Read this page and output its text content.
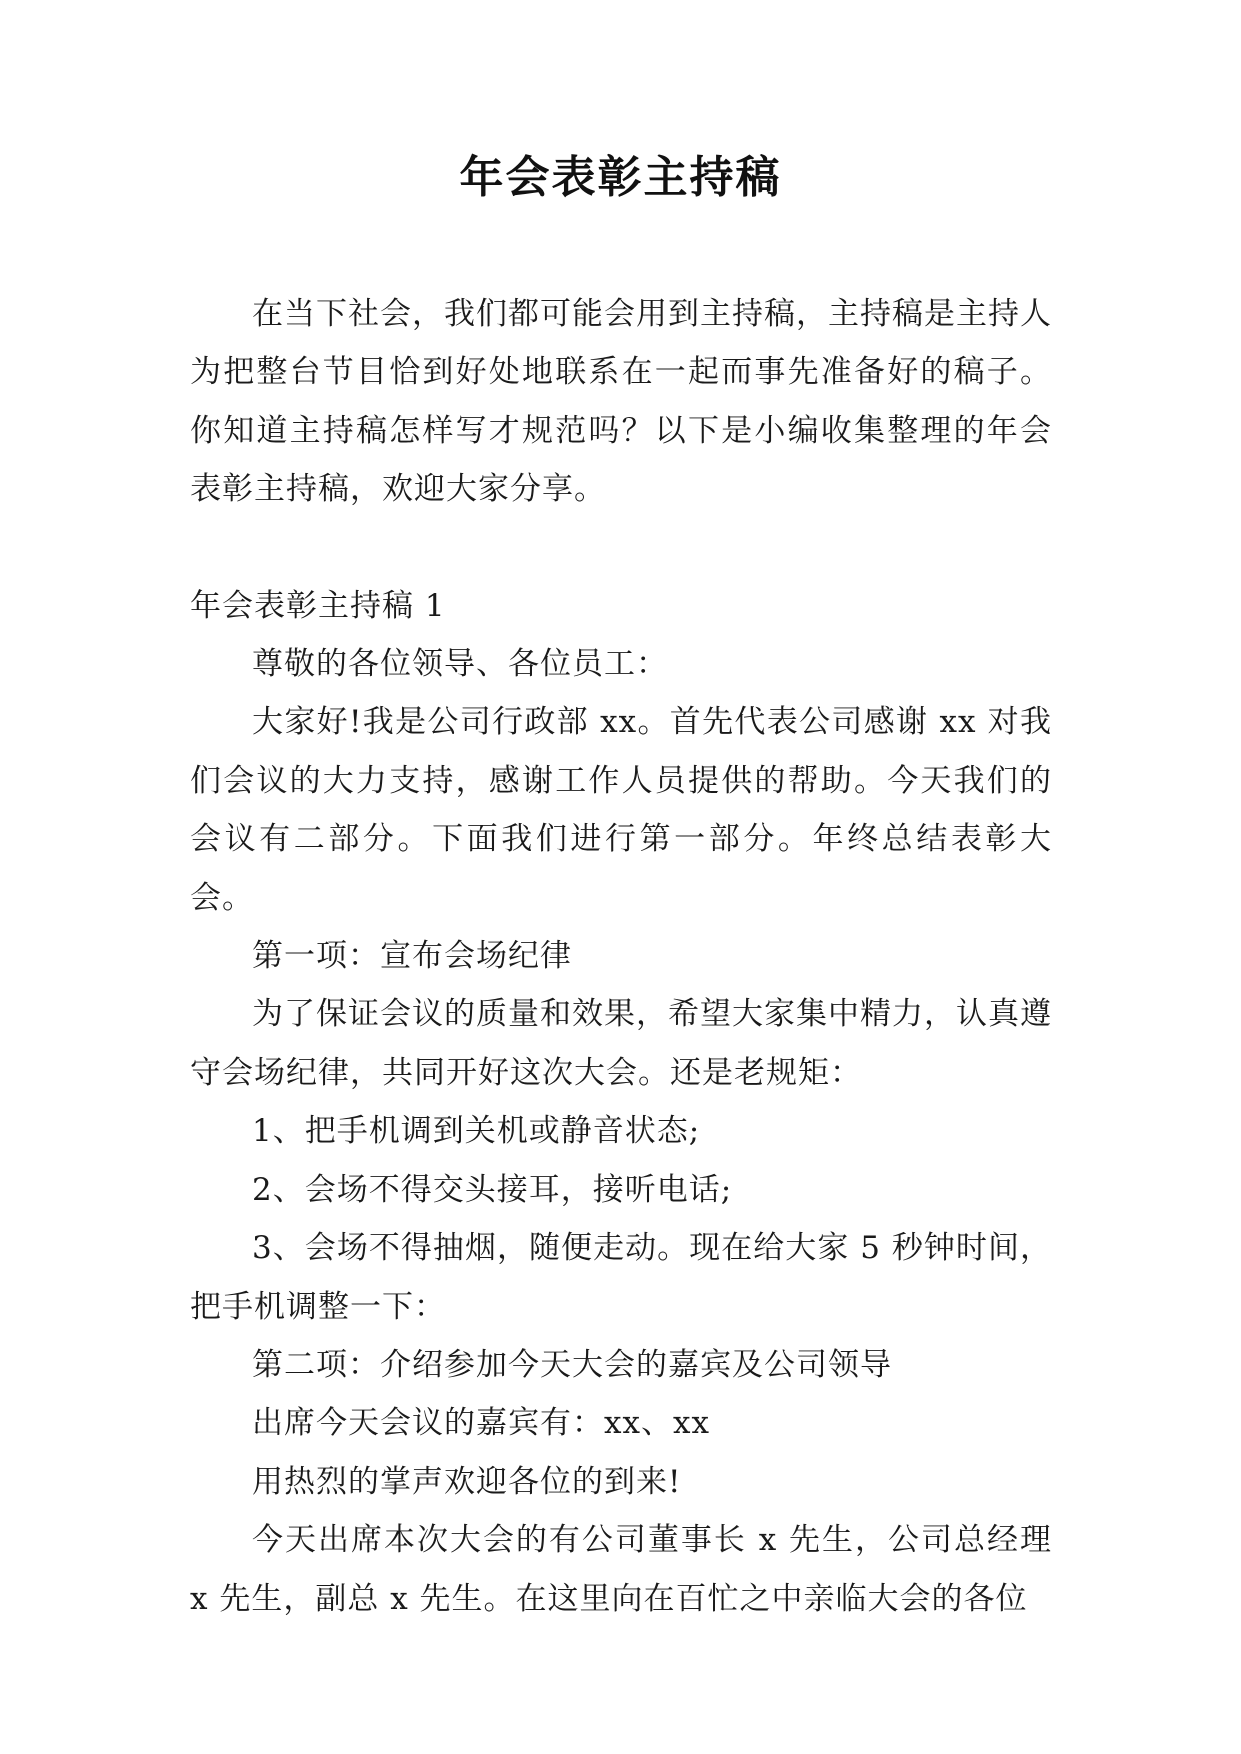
年会表彰主持稿

在当下社会，我们都可能会用到主持稿，主持稿是主持人为把整台节目恰到好处地联系在一起而事先准备好的稿子。你知道主持稿怎样写才规范吗？以下是小编收集整理的年会表彰主持稿，欢迎大家分享。

年会表彰主持稿 1

尊敬的各位领导、各位员工：

大家好!我是公司行政部 xx。首先代表公司感谢 xx 对我们会议的大力支持，感谢工作人员提供的帮助。今天我们的会议有二部分。下面我们进行第一部分。年终总结表彰大会。

第一项：宣布会场纪律

为了保证会议的质量和效果，希望大家集中精力，认真遵守会场纪律，共同开好这次大会。还是老规矩：

1、把手机调到关机或静音状态;

2、会场不得交头接耳，接听电话;

3、会场不得抽烟，随便走动。现在给大家 5 秒钟时间，把手机调整一下：

第二项：介绍参加今天大会的嘉宾及公司领导

出席今天会议的嘉宾有：xx、xx

用热烈的掌声欢迎各位的到来!

今天出席本次大会的有公司董事长 x 先生，公司总经理 x 先生，副总 x 先生。在这里向在百忙之中亲临大会的各位
